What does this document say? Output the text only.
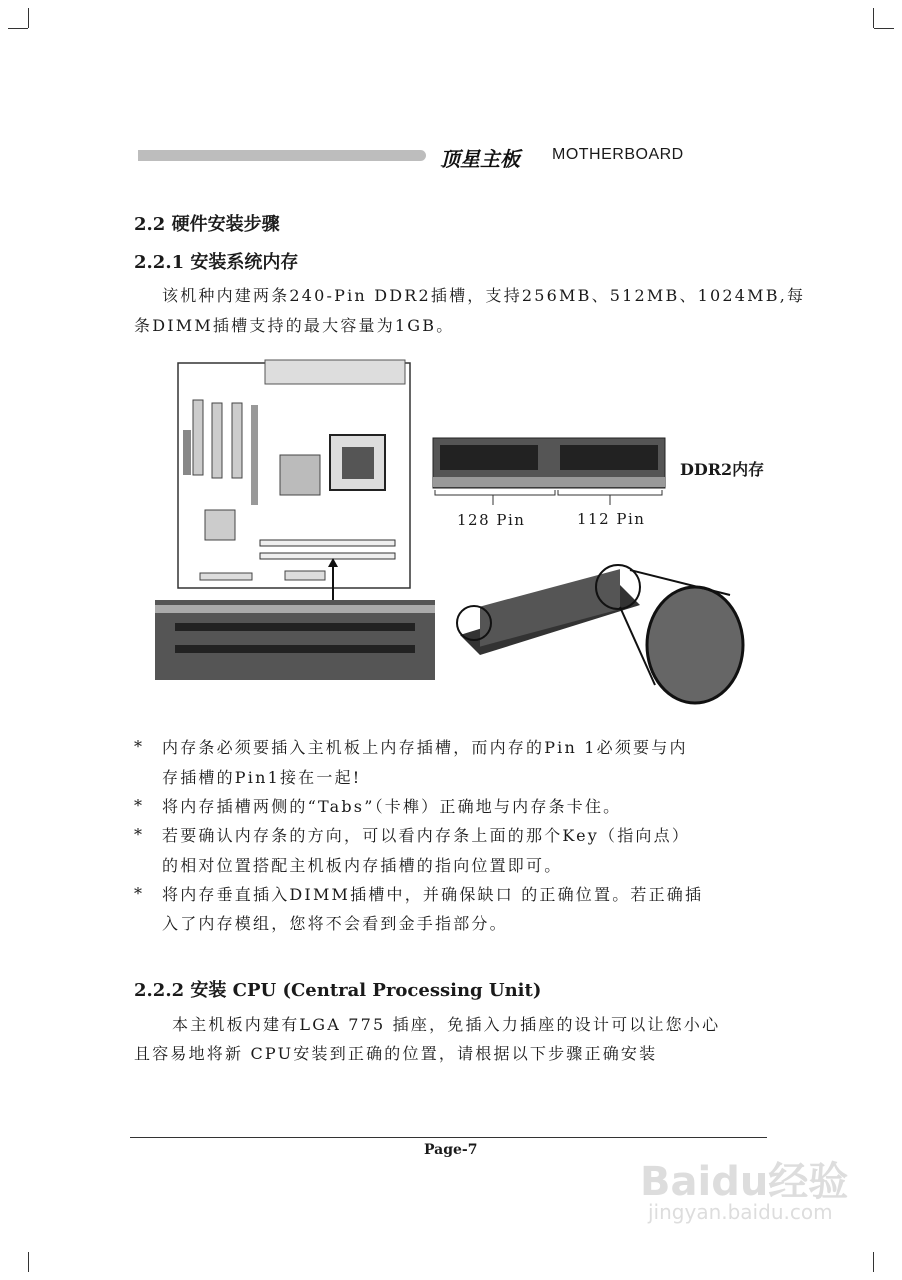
顶星主板 MOTHERBOARD
2.2 硬件安装步骤
2.2.1 安装系统内存
该机种内建两条240-Pin DDR2插槽，支持256MB、512MB、1024MB,每
条DIMM插槽支持的最大容量为1GB。
DDR2内存
128 Pin	112 Pin
* 内存条必须要插入主机板上内存插槽，而内存的Pin 1必须要与内
存插槽的Pin1接在一起!
* 将内存插槽两侧的“Tabs”（卡榫）正确地与内存条卡住。
* 若要确认内存条的方向，可以看内存条上面的那个Key（指向点）
的相对位置搭配主机板内存插槽的指向位置即可。
* 将内存垂直插入DIMM插槽中，并确保缺口 的正确位置。若正确插
入了内存模组，您将不会看到金手指部分。
2.2.2 安装 CPU (Central Processing Unit)
本主机板内建有LGA 775 插座，免插入力插座的设计可以让您小心
且容易地将新 CPU安装到正确的位置，请根据以下步骤正确安装
Page-7
Baidu经验
jingyan.baidu.com
